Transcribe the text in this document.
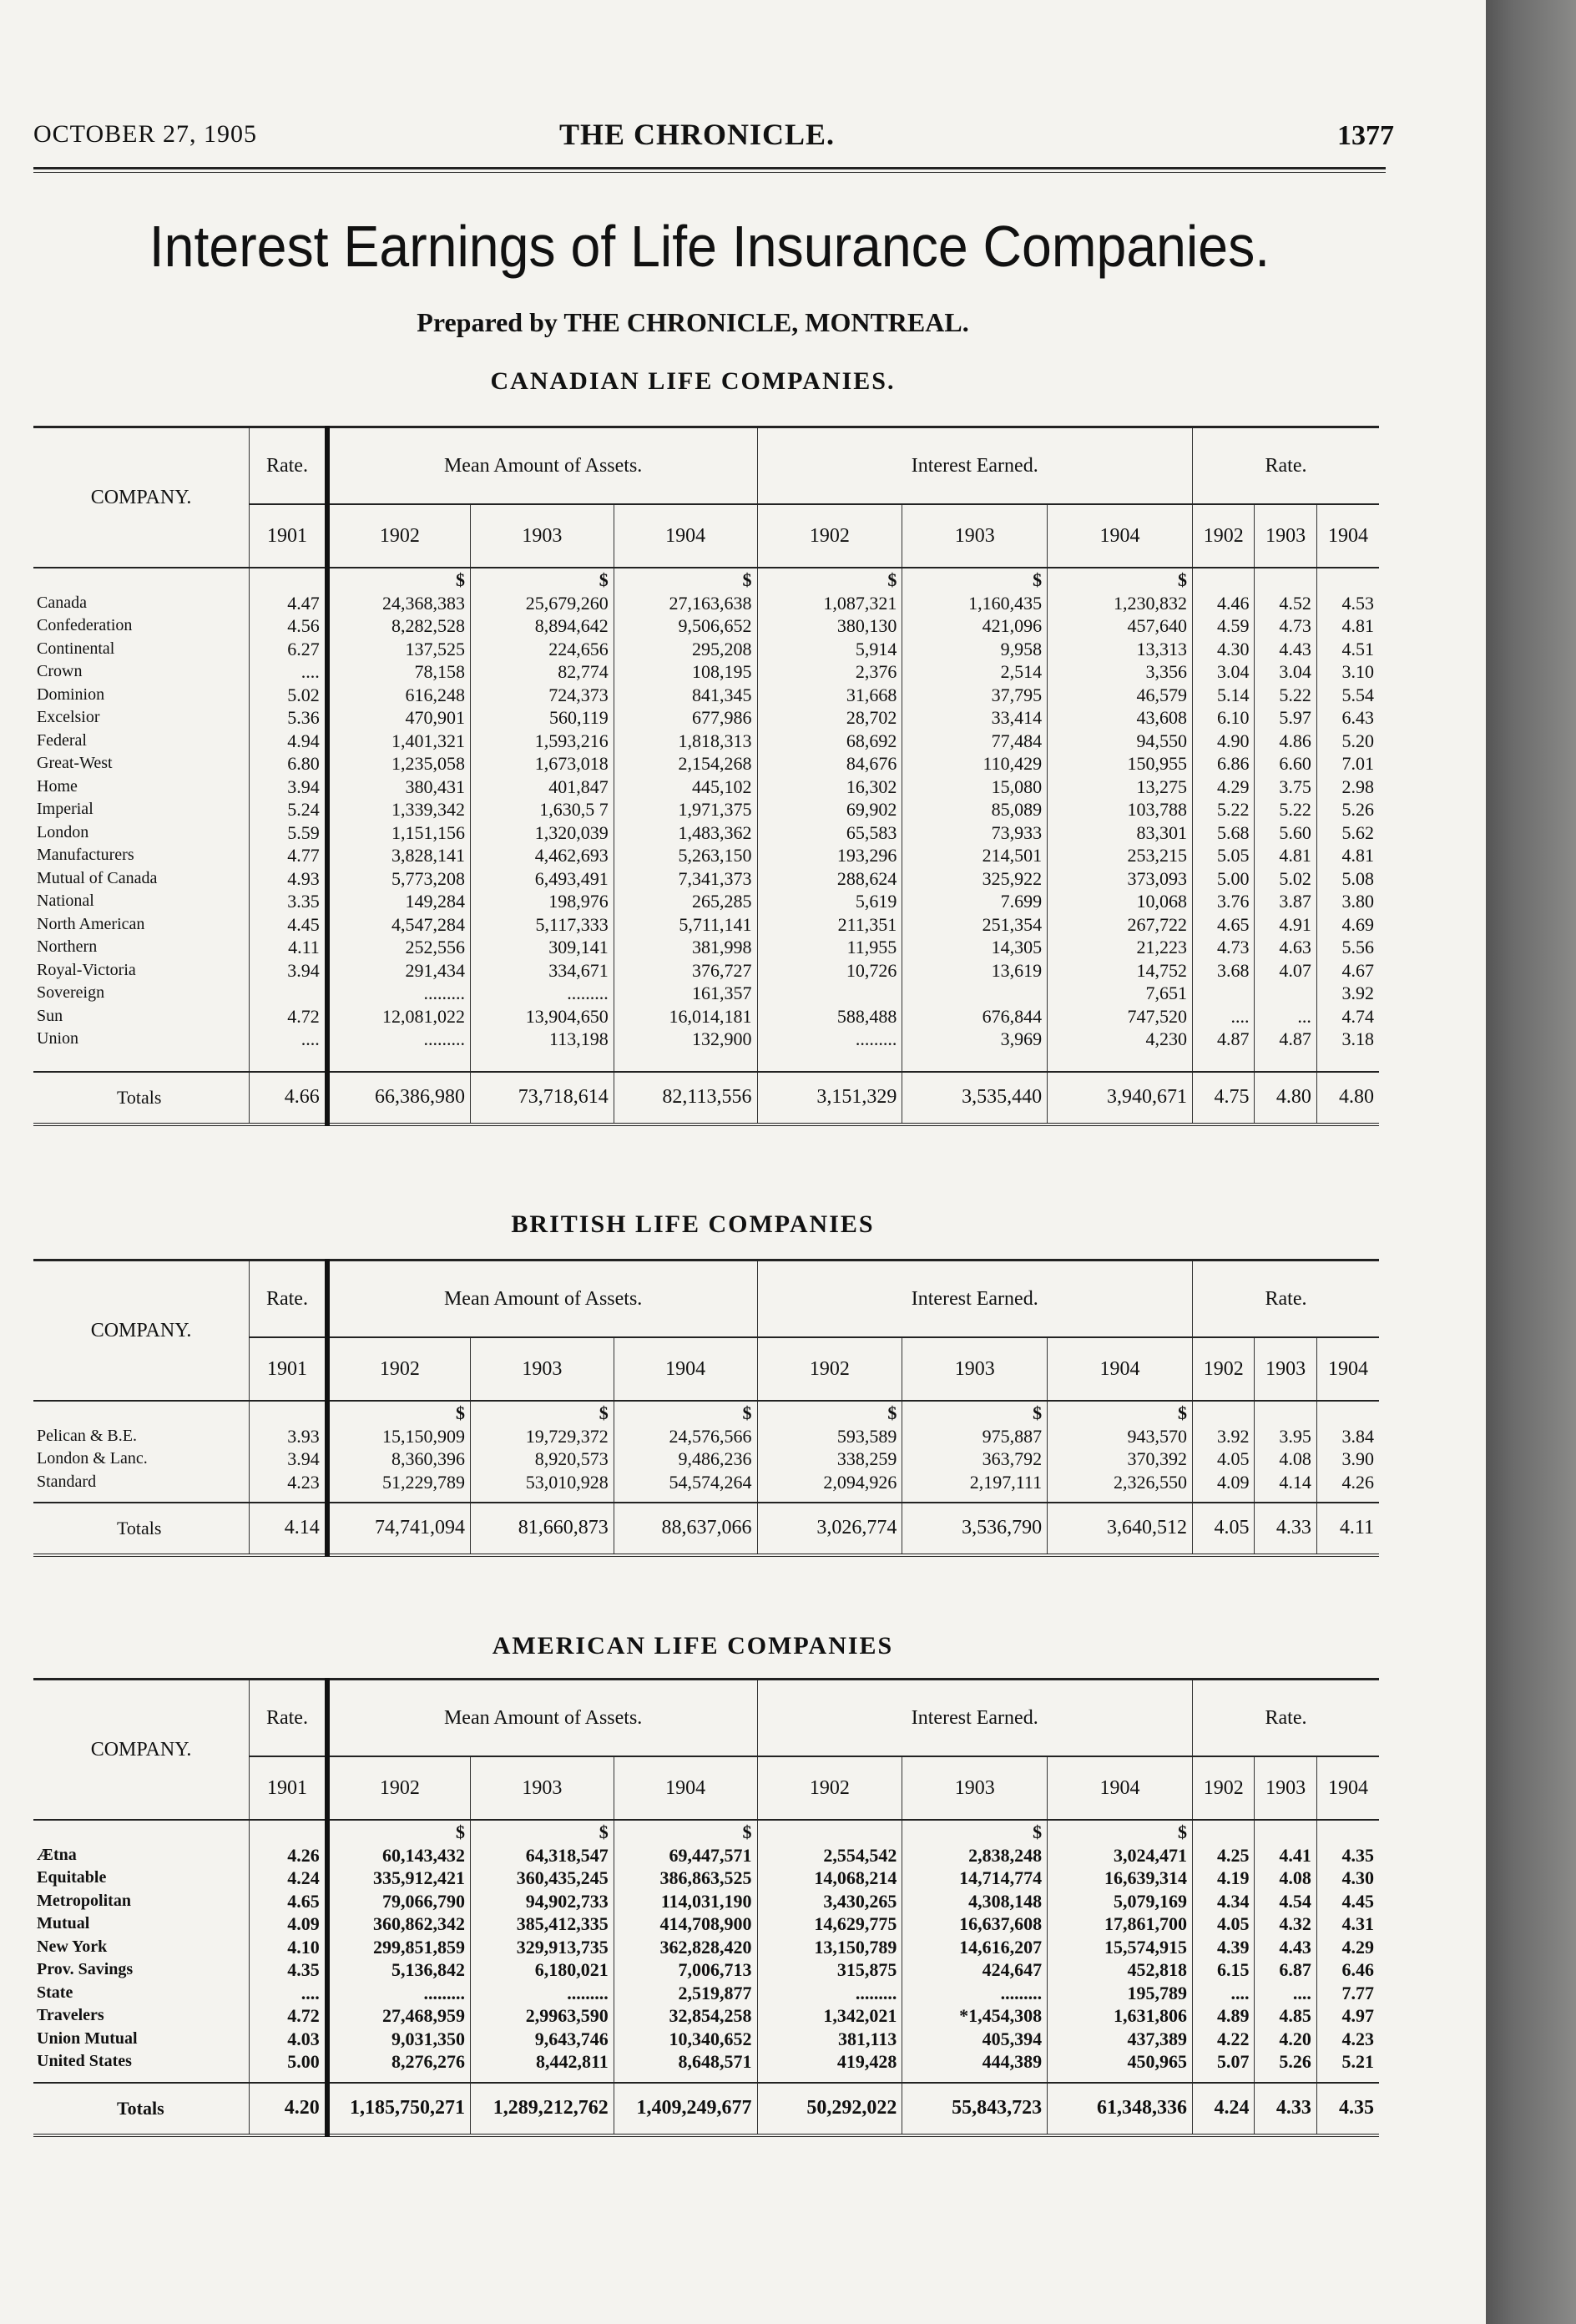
OCTOBER 27, 1905	THE CHRONICLE.	1377
Interest Earnings of Life Insurance Companies.
Prepared by THE CHRONICLE, MONTREAL.
CANADIAN LIFE COMPANIES.
COMPANY.	Rate.	Mean Amount of Assets.			Interest Earned.			Rate.		
	1901	1902	1903	1904	1902	1903	1904	1902	1903	1904
		$	$	$	$	$	$			
Canada	4.47	24,368,383	25,679,260	27,163,638	1,087,321	1,160,435	1,230,832	4.46	4.52	4.53
Confederation	4.56	8,282,528	8,894,642	9,506,652	380,130	421,096	457,640	4.59	4.73	4.81
Continental	6.27	137,525	224,656	295,208	5,914	9,958	13,313	4.30	4.43	4.51
Crown	....	78,158	82,774	108,195	2,376	2,514	3,356	3.04	3.04	3.10
Dominion	5.02	616,248	724,373	841,345	31,668	37,795	46,579	5.14	5.22	5.54
Excelsior	5.36	470,901	560,119	677,986	28,702	33,414	43,608	6.10	5.97	6.43
Federal	4.94	1,401,321	1,593,216	1,818,313	68,692	77,484	94,550	4.90	4.86	5.20
Great-West	6.80	1,235,058	1,673,018	2,154,268	84,676	110,429	150,955	6.86	6.60	7.01
Home	3.94	380,431	401,847	445,102	16,302	15,080	13,275	4.29	3.75	2.98
Imperial	5.24	1,339,342	1,630,5 7	1,971,375	69,902	85,089	103,788	5.22	5.22	5.26
London	5.59	1,151,156	1,320,039	1,483,362	65,583	73,933	83,301	5.68	5.60	5.62
Manufacturers	4.77	3,828,141	4,462,693	5,263,150	193,296	214,501	253,215	5.05	4.81	4.81
Mutual of Canada	4.93	5,773,208	6,493,491	7,341,373	288,624	325,922	373,093	5.00	5.02	5.08
National	3.35	149,284	198,976	265,285	5,619	7.699	10,068	3.76	3.87	3.80
North American	4.45	4,547,284	5,117,333	5,711,141	211,351	251,354	267,722	4.65	4.91	4.69
Northern	4.11	252,556	309,141	381,998	11,955	14,305	21,223	4.73	4.63	5.56
Royal-Victoria	3.94	291,434	334,671	376,727	10,726	13,619	14,752	3.68	4.07	4.67
Sovereign		.........	.........	161,357			7,651			3.92
Sun	4.72	12,081,022	13,904,650	16,014,181	588,488	676,844	747,520	....	...	4.74
Union	....	.........	113,198	132,900	.........	3,969	4,230	4.87	4.87	3.18

Totals	4.66	66,386,980	73,718,614	82,113,556	3,151,329	3,535,440	3,940,671	4.75	4.80	4.80
BRITISH LIFE COMPANIES
COMPANY.	Rate.	Mean Amount of Assets.			Interest Earned.			Rate.		
	1901	1902	1903	1904	1902	1903	1904	1902	1903	1904
		$	$	$	$	$	$			
Pelican & B.E.	3.93	15,150,909	19,729,372	24,576,566	593,589	975,887	943,570	3.92	3.95	3.84
London & Lanc.	3.94	8,360,396	8,920,573	9,486,236	338,259	363,792	370,392	4.05	4.08	3.90
Standard	4.23	51,229,789	53,010,928	54,574,264	2,094,926	2,197,111	2,326,550	4.09	4.14	4.26

Totals	4.14	74,741,094	81,660,873	88,637,066	3,026,774	3,536,790	3,640,512	4.05	4.33	4.11
AMERICAN LIFE COMPANIES
COMPANY.	Rate.	Mean Amount of Assets.			Interest Earned.			Rate.		
	1901	1902	1903	1904	1902	1903	1904	1902	1903	1904
		$	$	$		$	$			
Ætna	4.26	60,143,432	64,318,547	69,447,571	2,554,542	2,838,248	3,024,471	4.25	4.41	4.35
Equitable	4.24	335,912,421	360,435,245	386,863,525	14,068,214	14,714,774	16,639,314	4.19	4.08	4.30
Metropolitan	4.65	79,066,790	94,902,733	114,031,190	3,430,265	4,308,148	5,079,169	4.34	4.54	4.45
Mutual	4.09	360,862,342	385,412,335	414,708,900	14,629,775	16,637,608	17,861,700	4.05	4.32	4.31
New York	4.10	299,851,859	329,913,735	362,828,420	13,150,789	14,616,207	15,574,915	4.39	4.43	4.29
Prov. Savings	4.35	5,136,842	6,180,021	7,006,713	315,875	424,647	452,818	6.15	6.87	6.46
State	....	.........	.........	2,519,877	.........	.........	195,789	....	....	7.77
Travelers	4.72	27,468,959	2,9963,590	32,854,258	1,342,021	*1,454,308	1,631,806	4.89	4.85	4.97
Union Mutual	4.03	9,031,350	9,643,746	10,340,652	381,113	405,394	437,389	4.22	4.20	4.23
United States	5.00	8,276,276	8,442,811	8,648,571	419,428	444,389	450,965	5.07	5.26	5.21

Totals	4.20	1,185,750,271	1,289,212,762	1,409,249,677	50,292,022	55,843,723	61,348,336	4.24	4.33	4.35
